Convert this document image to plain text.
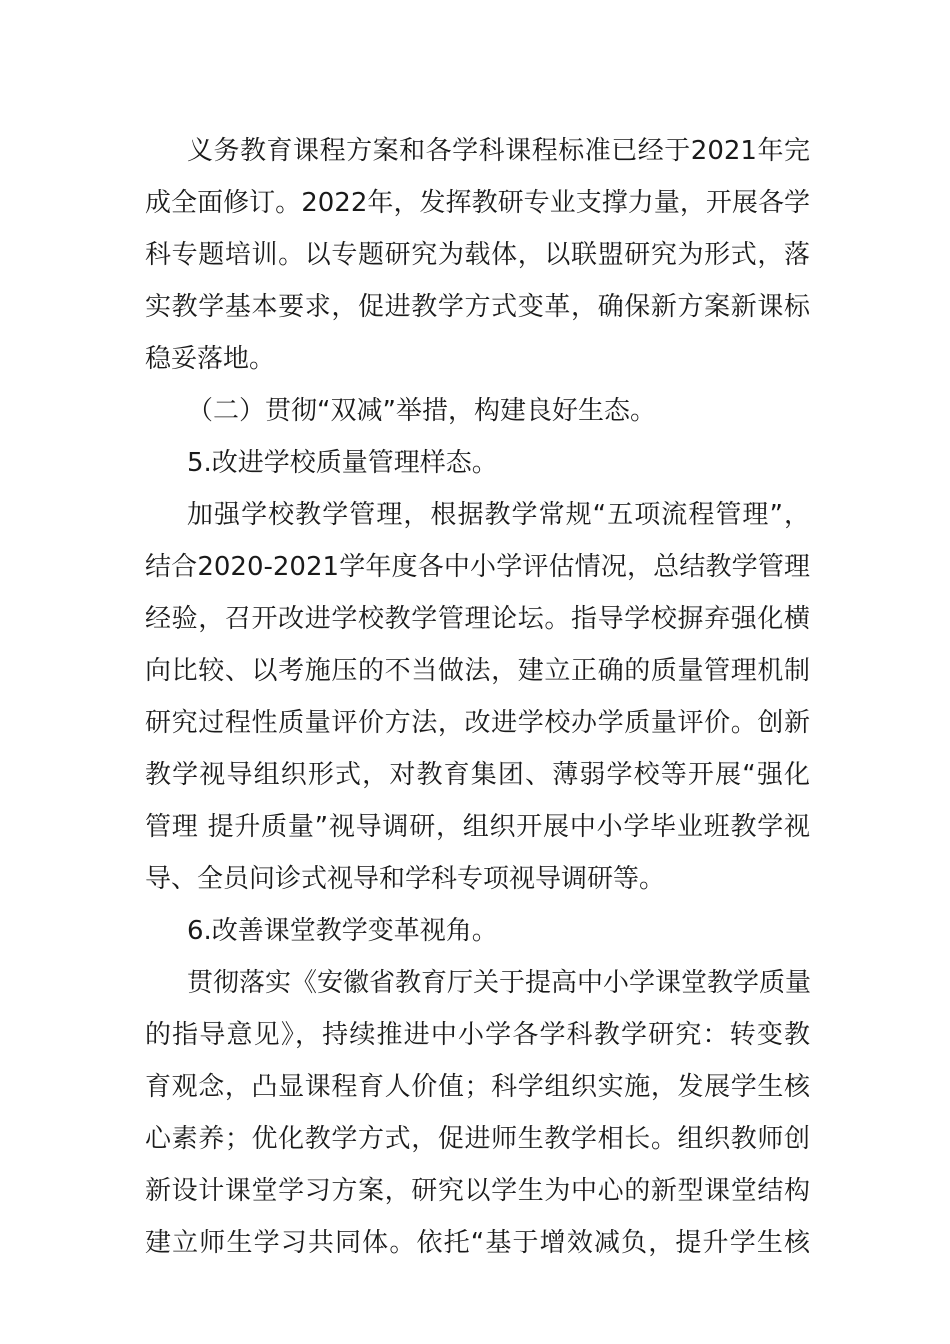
义务教育课程方案和各学科课程标准已经于2021年完
成全面修订。2022年，发挥教研专业支撑力量，开展各学
科专题培训。以专题研究为载体，以联盟研究为形式，落
实教学基本要求，促进教学方式变革，确保新方案新课标
稳妥落地。
（二）贯彻“双减”举措，构建良好生态。
5.改进学校质量管理样态。
加强学校教学管理，根据教学常规“五项流程管理”，
结合2020-2021学年度各中小学评估情况，总结教学管理
经验，召开改进学校教学管理论坛。指导学校摒弃强化横
向比较、以考施压的不当做法，建立正确的质量管理机制
研究过程性质量评价方法，改进学校办学质量评价。创新
教学视导组织形式，对教育集团、薄弱学校等开展“强化
管理 提升质量”视导调研，组织开展中小学毕业班教学视
导、全员问诊式视导和学科专项视导调研等。
6.改善课堂教学变革视角。
贯彻落实《安徽省教育厅关于提高中小学课堂教学质量
的指导意见》，持续推进中小学各学科教学研究：转变教
育观念，凸显课程育人价值；科学组织实施，发展学生核
心素养；优化教学方式，促进师生教学相长。组织教师创
新设计课堂学习方案，研究以学生为中心的新型课堂结构
建立师生学习共同体。依托“基于增效减负，提升学生核
